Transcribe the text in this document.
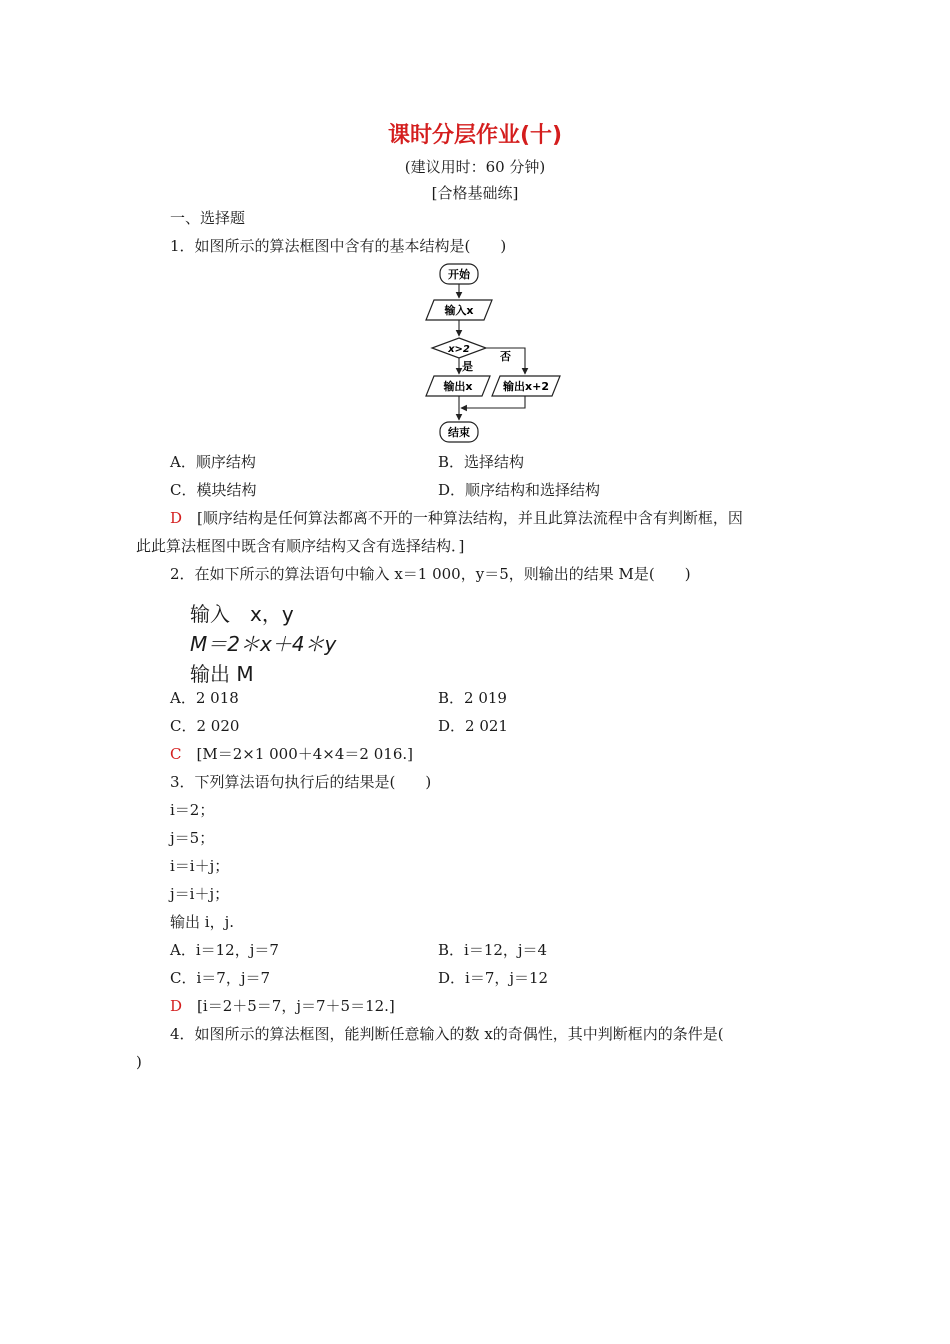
课时分层作业(十)
(建议用时：60 分钟)
[合格基础练]
一、选择题
1．如图所示的算法框图中含有的基本结构是(　　)
开始
输入x
x>2
否
是
输出x	输出x+2
结束
A．顺序结构	B．选择结构
C．模块结构	D．顺序结构和选择结构
D　 [顺序结构是任何算法都离不开的一种算法结构，并且此算法流程中含有判断框，因
此此算法框图中既含有顺序结构又含有选择结构．]
2．在如下所示的算法语句中输入 x＝1 000，y＝5，则输出的结果 M是(　　)
输入　x，y
M＝2＊x＋4＊y
输出 M
A．2 018	B．2 019
C．2 020	D．2 021
C　 [M＝2×1 000＋4×4＝2 016.]
3．下列算法语句执行后的结果是(　　)
i＝2；
j＝5；
i＝i＋j；
j＝i＋j；
输出 i，j.
A．i＝12，j＝7	B．i＝12，j＝4
C．i＝7，j＝7	D．i＝7，j＝12
D　 [i＝2＋5＝7，j＝7＋5＝12.]
4．如图所示的算法框图，能判断任意输入的数 x的奇偶性，其中判断框内的条件是(
)
